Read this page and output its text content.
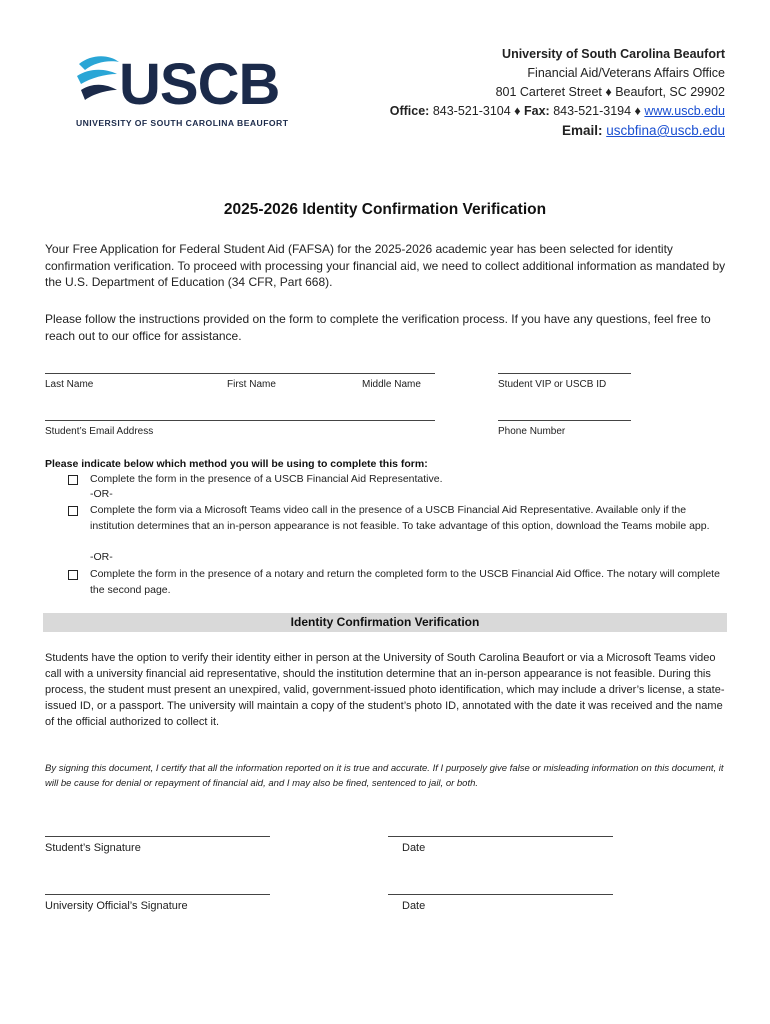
USCB
UNIVERSITY OF SOUTH CAROLINA BEAUFORT
University of South Carolina Beaufort
Financial Aid/Veterans Affairs Office
801 Carteret Street ♦ Beaufort, SC 29902
Office: 843-521-3104 ♦ Fax: 843-521-3194 ♦ www.uscb.edu
Email: uscbfina@uscb.edu
2025-2026 Identity Confirmation Verification
Your Free Application for Federal Student Aid (FAFSA) for the 2025-2026 academic year has been selected for identity confirmation verification. To proceed with processing your financial aid, we need to collect additional information as mandated by the U.S. Department of Education (34 CFR, Part 668).
Please follow the instructions provided on the form to complete the verification process. If you have any questions, feel free to reach out to our office for assistance.
Last Name	First Name	Middle Name	Student VIP or USCB ID
Student’s Email Address	Phone Number
Please indicate below which method you will be using to complete this form:
Complete the form in the presence of a USCB Financial Aid Representative.
-OR-
Complete the form via a Microsoft Teams video call in the presence of a USCB Financial Aid Representative. Available only if the institution determines that an in-person appearance is not feasible. To take advantage of this option, download the Teams mobile app.
-OR-
Complete the form in the presence of a notary and return the completed form to the USCB Financial Aid Office. The notary will complete the second page.
Identity Confirmation Verification
Students have the option to verify their identity either in person at the University of South Carolina Beaufort or via a Microsoft Teams video call with a university financial aid representative, should the institution determine that an in-person appearance is not feasible. During this process, the student must present an unexpired, valid, government-issued photo identification, which may include a driver’s license, a state-issued ID, or a passport. The university will maintain a copy of the student’s photo ID, annotated with the date it was received and the name of the official authorized to collect it.
By signing this document, I certify that all the information reported on it is true and accurate. If I purposely give false or misleading information on this document, it will be cause for denial or repayment of financial aid, and I may also be fined, sentenced to jail, or both.
Student’s Signature	Date
University Official’s Signature	Date
